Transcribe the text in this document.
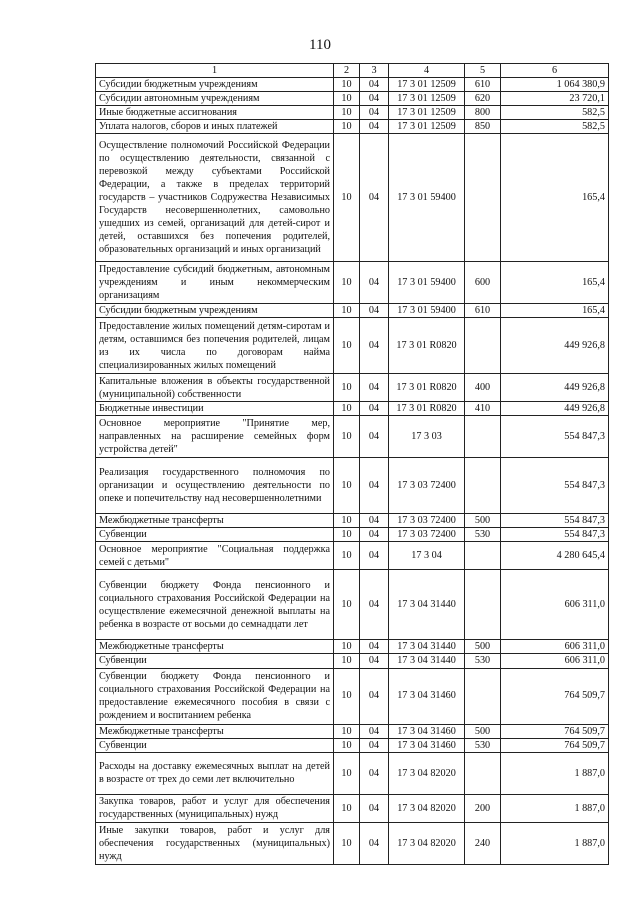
110
1	2	3	4	5	6
Субсидии бюджетным учреждениям	10	04	17 3 01 12509	610	1 064 380,9
Субсидии автономным учреждениям	10	04	17 3 01 12509	620	23 720,1
Иные бюджетные ассигнования	10	04	17 3 01 12509	800	582,5
Уплата налогов, сборов и иных платежей	10	04	17 3 01 12509	850	582,5
Осуществление полномочий Российской Федерации по осуществлению деятельности, связанной с перевозкой между субъектами Российской Федерации, а также в пределах территорий государств – участников Содружества Независимых Государств несовершеннолетних, самовольно ушедших из семей, организаций для детей-сирот и детей, оставшихся без попечения родителей, образовательных организаций и иных организаций	10	04	17 3 01 59400		165,4
Предоставление субсидий бюджетным, автономным учреждениям и иным некоммерческим организациям	10	04	17 3 01 59400	600	165,4
Субсидии бюджетным учреждениям	10	04	17 3 01 59400	610	165,4
Предоставление жилых помещений детям-сиротам и детям, оставшимся без попечения родителей, лицам из их числа по договорам найма специализированных жилых помещений	10	04	17 3 01 R0820		449 926,8
Капитальные вложения в объекты государственной (муниципальной) собственности	10	04	17 3 01 R0820	400	449 926,8
Бюджетные инвестиции	10	04	17 3 01 R0820	410	449 926,8
Основное мероприятие "Принятие мер, направленных на расширение семейных форм устройства детей"	10	04	17 3 03		554 847,3
Реализация государственного полномочия по организации и осуществлению деятельности по опеке и попечительству над несовершеннолетними	10	04	17 3 03 72400		554 847,3
Межбюджетные трансферты	10	04	17 3 03 72400	500	554 847,3
Субвенции	10	04	17 3 03 72400	530	554 847,3
Основное мероприятие "Социальная поддержка семей с детьми"	10	04	17 3 04		4 280 645,4
Субвенции бюджету Фонда пенсионного и социального страхования Российской Федерации на осуществление ежемесячной денежной выплаты на ребенка в возрасте от восьми до семнадцати лет	10	04	17 3 04 31440		606 311,0
Межбюджетные трансферты	10	04	17 3 04 31440	500	606 311,0
Субвенции	10	04	17 3 04 31440	530	606 311,0
Субвенции бюджету Фонда пенсионного и социального страхования Российской Федерации на предоставление ежемесячного пособия в связи с рождением и воспитанием ребенка	10	04	17 3 04 31460		764 509,7
Межбюджетные трансферты	10	04	17 3 04 31460	500	764 509,7
Субвенции	10	04	17 3 04 31460	530	764 509,7
Расходы на доставку ежемесячных выплат на детей в возрасте от трех до семи лет включительно	10	04	17 3 04 82020		1 887,0
Закупка товаров, работ и услуг для обеспечения государственных (муниципальных) нужд	10	04	17 3 04 82020	200	1 887,0
Иные закупки товаров, работ и услуг для обеспечения государственных (муниципальных) нужд	10	04	17 3 04 82020	240	1 887,0
